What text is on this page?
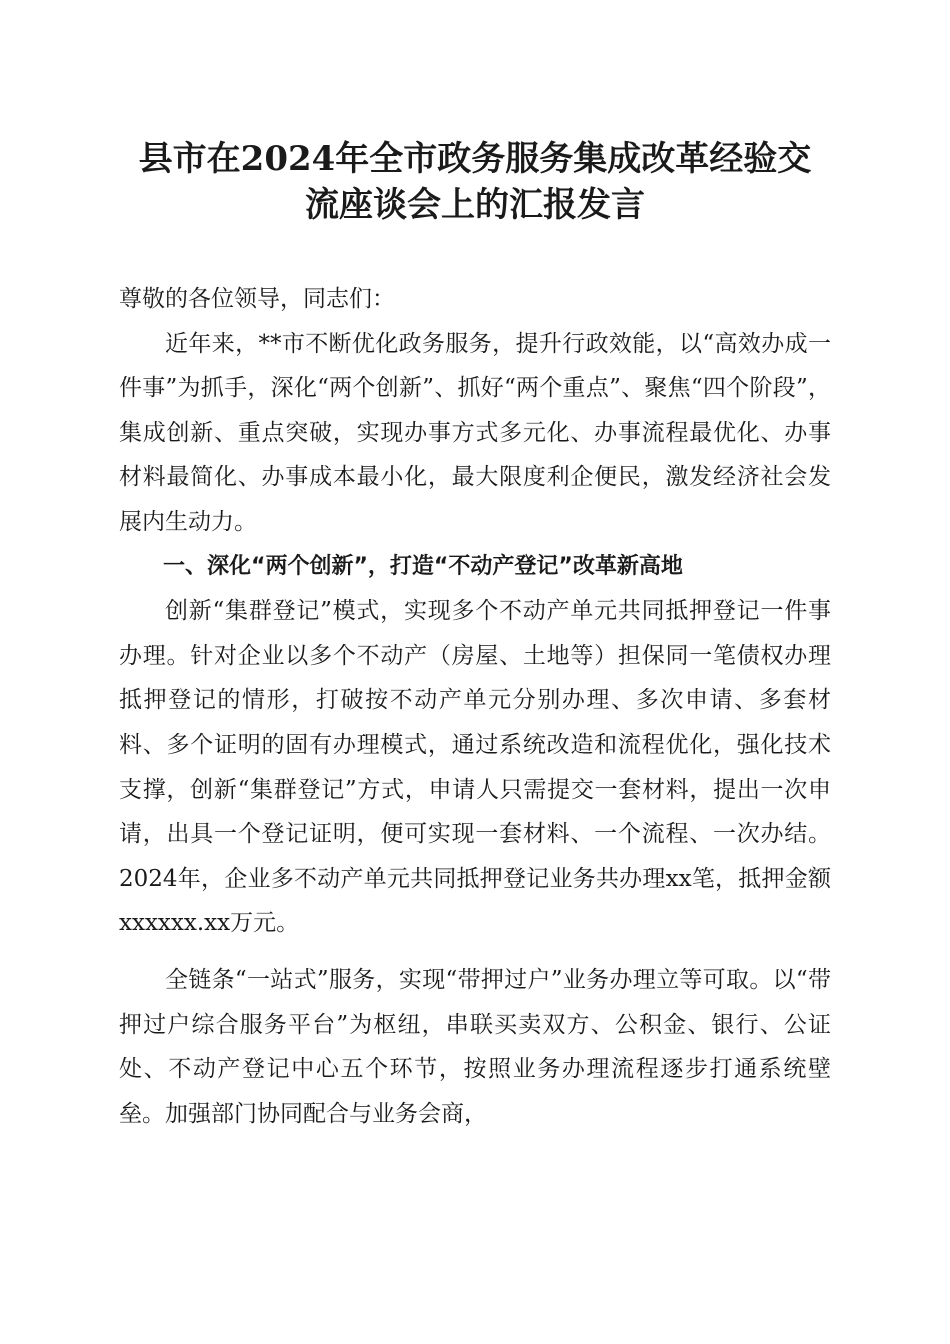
县市在2024年全市政务服务集成改革经验交
流座谈会上的汇报发言

尊敬的各位领导，同志们：

近年来，**市不断优化政务服务，提升行政效能，以“高效办成一件事”为抓手，深化“两个创新”、抓好“两个重点”、聚焦“四个阶段”，集成创新、重点突破，实现办事方式多元化、办事流程最优化、办事材料最简化、办事成本最小化，最大限度利企便民，激发经济社会发展内生动力。

一、深化“两个创新”，打造“不动产登记”改革新高地

创新“集群登记”模式，实现多个不动产单元共同抵押登记一件事办理。针对企业以多个不动产（房屋、土地等）担保同一笔债权办理抵押登记的情形，打破按不动产单元分别办理、多次申请、多套材料、多个证明的固有办理模式，通过系统改造和流程优化，强化技术支撑，创新“集群登记”方式，申请人只需提交一套材料，提出一次申请，出具一个登记证明，便可实现一套材料、一个流程、一次办结。2024年，企业多不动产单元共同抵押登记业务共办理xx笔，抵押金额xxxxxx.xx万元。

全链条“一站式”服务，实现“带押过户”业务办理立等可取。以“带押过户综合服务平台”为枢纽，串联买卖双方、公积金、银行、公证处、不动产登记中心五个环节，按照业务办理流程逐步打通系统壁垒。加强部门协同配合与业务会商，
